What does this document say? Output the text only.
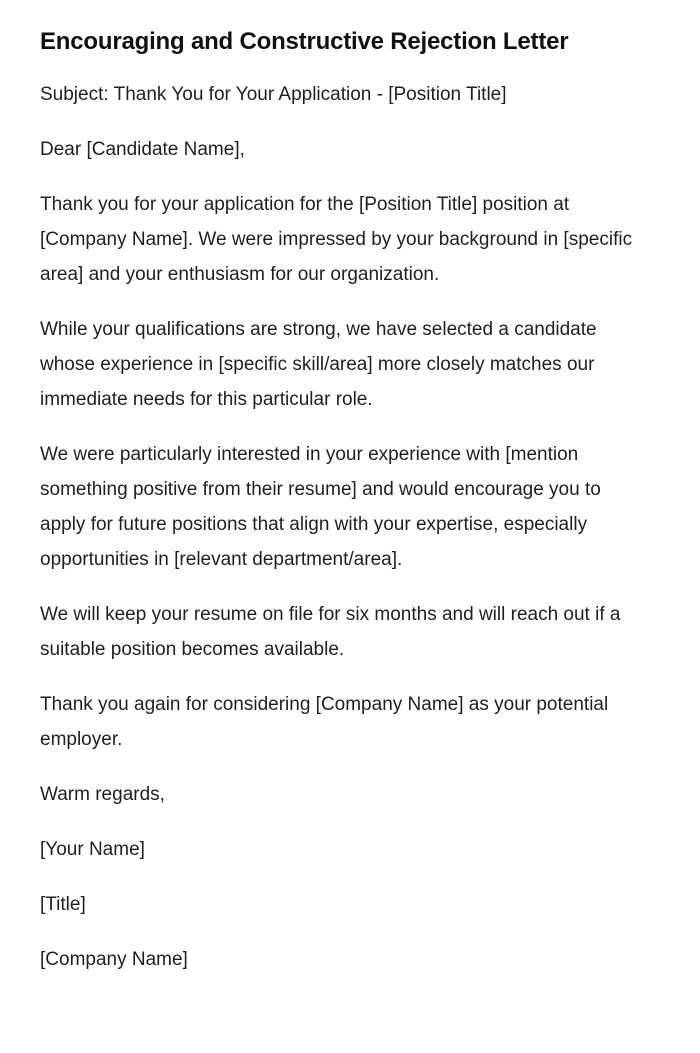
Encouraging and Constructive Rejection Letter

Subject: Thank You for Your Application - [Position Title]

Dear [Candidate Name],

Thank you for your application for the [Position Title] position at [Company Name]. We were impressed by your background in [specific area] and your enthusiasm for our organization.

While your qualifications are strong, we have selected a candidate whose experience in [specific skill/area] more closely matches our immediate needs for this particular role.

We were particularly interested in your experience with [mention something positive from their resume] and would encourage you to apply for future positions that align with your expertise, especially opportunities in [relevant department/area].

We will keep your resume on file for six months and will reach out if a suitable position becomes available.

Thank you again for considering [Company Name] as your potential employer.

Warm regards,

[Your Name]

[Title]

[Company Name]
